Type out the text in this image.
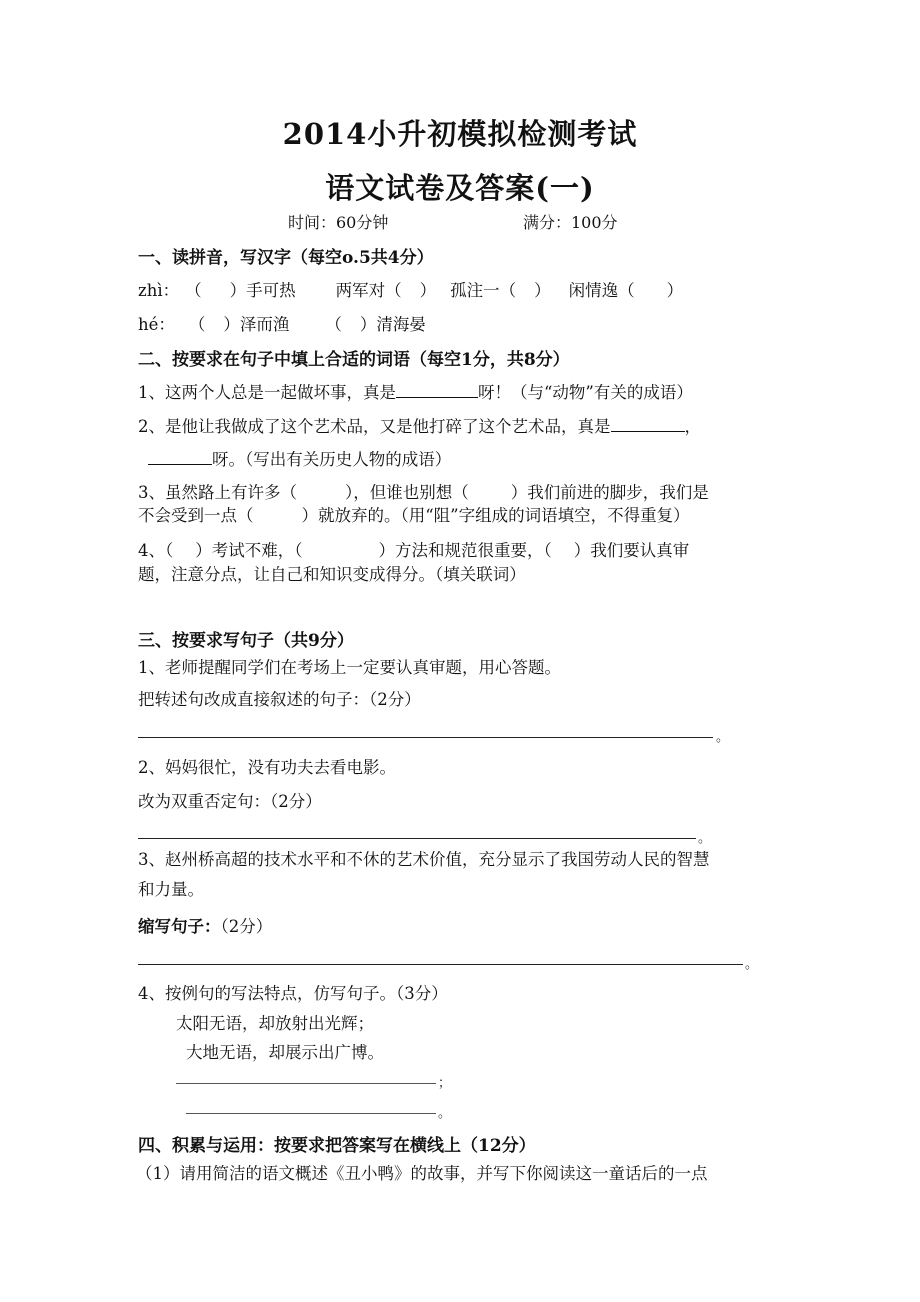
2014小升初模拟检测考试
语文试卷及答案(一)
时间：60分钟	满分：100分
一、读拼音，写汉字（每空o.5共4分）
zhì： （ ）手可热 两军对（ ） 孤注一（ ） 闲情逸（ ）
hé： （ ）泽而渔 （ ）清海晏
二、按要求在句子中填上合适的词语（每空1分，共8分）
1、这两个人总是一起做坏事，真是	呀！（与“动物”有关的成语）
2、是他让我做成了这个艺术品，又是他打碎了这个艺术品，真是	，
呀。（写出有关历史人物的成语）
3、虽然路上有许多（	），但谁也别想（	）我们前进的脚步，我们是
不会受到一点（	）就放弃的。（用“阻”字组成的词语填空，不得重复）
4、（ ）考试不难，（	）方法和规范很重要，（ ）我们要认真审
题，注意分点，让自己和知识变成得分。（填关联词）
三、按要求写句子（共9分）
1、老师提醒同学们在考场上一定要认真审题，用心答题。
把转述句改成直接叙述的句子：（2分）
。
2、妈妈很忙，没有功夫去看电影。
改为双重否定句：（2分）
。
3、赵州桥高超的技术水平和不休的艺术价值，充分显示了我国劳动人民的智慧
和力量。
缩写句子：（2分）
。
4、按例句的写法特点，仿写句子。（3分）
太阳无语，却放射出光辉；
大地无语，却展示出广博。
；
。
四、积累与运用：按要求把答案写在横线上（12分）
（1）请用简洁的语文概述《丑小鸭》的故事，并写下你阅读这一童话后的一点
